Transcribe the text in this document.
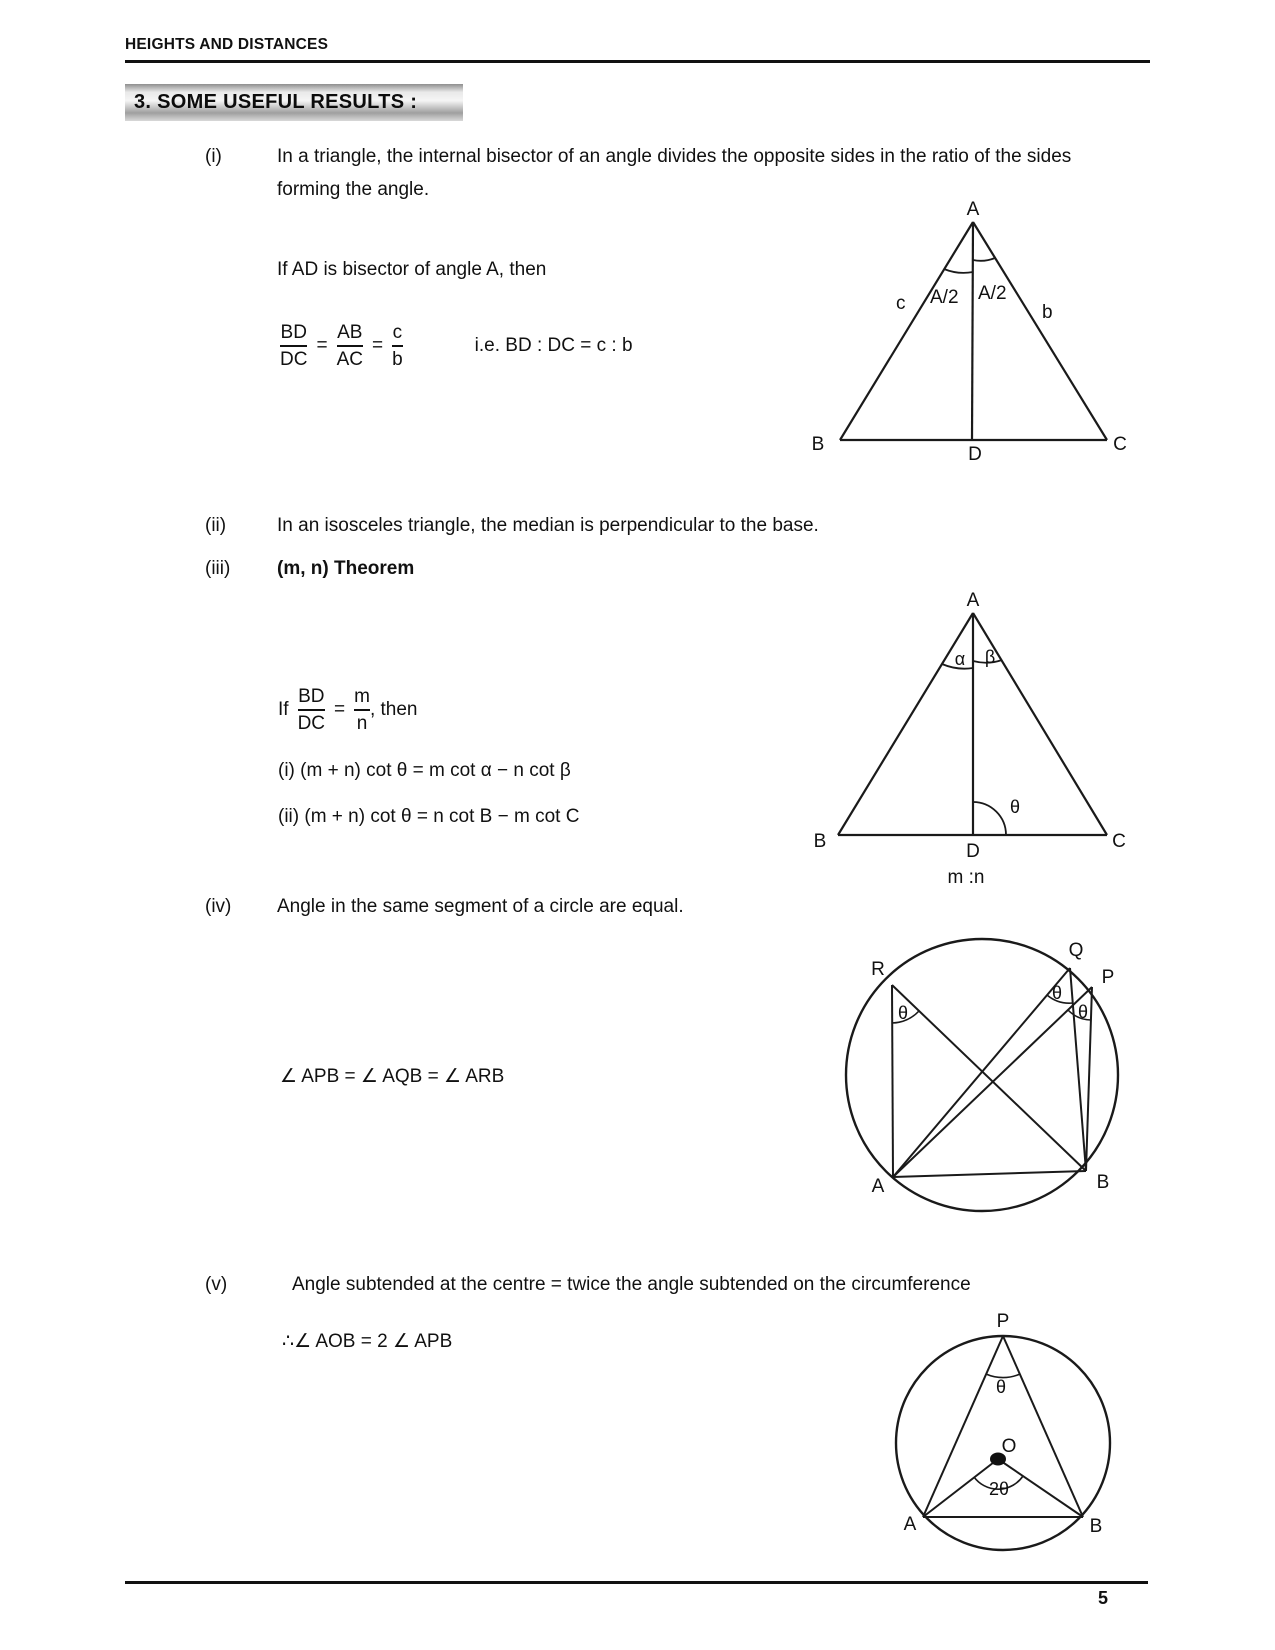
HEIGHTS AND DISTANCES
3. SOME USEFUL RESULTS :
(i)	In a triangle, the internal bisector of an angle divides the opposite sides in the ratio of the sides forming the angle.
If AD is bisector of angle A, then
$\frac{BD}{DC} = \frac{AB}{AC} = \frac{c}{b}$	i.e. BD : DC = c : b
A
B	C
D
c	b
A/2 A/2
(ii)	In an isosceles triangle, the median is perpendicular to the base.
(iii)	(m, n) Theorem
If $\frac{BD}{DC} = \frac{m}{n}$ , then
(i) (m + n) cot θ = m cot α − n cot β
(ii) (m + n) cot θ = n cot B − m cot C
A
B	C
D
α β
θ
m :n
(iv)	Angle in the same segment of a circle are equal.
∠ APB = ∠ AQB = ∠ ARB
R
Q
P
A	B
θ
θ
θ
(v)	Angle subtended at the centre = twice the angle subtended on the circumference
∴∠ AOB = 2 ∠ APB
P
O
A	B
θ
2θ
5
